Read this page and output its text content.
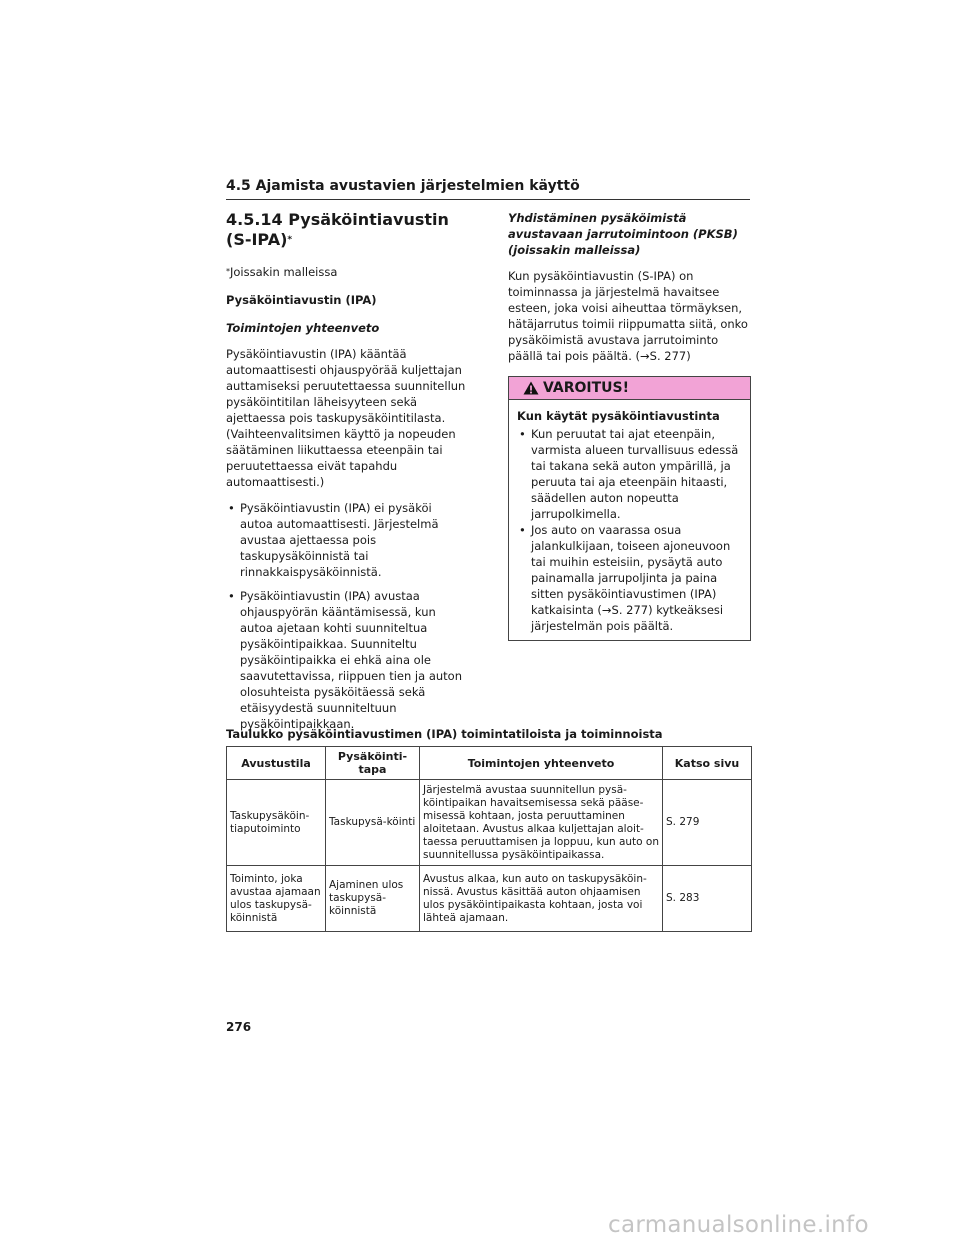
4.5 Ajamista avustavien järjestelmien käyttö
4.5.14 Pysäköintiavustin (S-IPA)*
*Joissakin malleissa
Pysäköintiavustin (IPA)
Toimintojen yhteenveto
Pysäköintiavustin (IPA) kääntää automaattisesti ohjauspyörää kuljettajan auttamiseksi peruutettaessa suunnitellun pysäköintitilan läheisyyteen sekä ajettaessa pois taskupysäköintitilasta. (Vaihteenvalitsimen käyttö ja nopeuden säätäminen liikuttaessa eteenpäin tai peruutettaessa eivät tapahdu automaattisesti.)
• Pysäköintiavustin (IPA) ei pysäköi autoa automaattisesti. Järjestelmä avustaa ajettaessa pois taskupysäköinnistä tai rinnakkaispysäköinnistä.
• Pysäköintiavustin (IPA) avustaa ohjauspyörän kääntämisessä, kun autoa ajetaan kohti suunniteltua pysäköintipaikkaa. Suunniteltu pysäköintipaikka ei ehkä aina ole saavutettavissa, riippuen tien ja auton olosuhteista pysäköitäessä sekä etäisyydestä suunniteltuun pysäköintipaikkaan.
Yhdistäminen pysäköimistä avustavaan jarrutoimintoon (PKSB) (joissakin malleissa)
Kun pysäköintiavustin (S-IPA) on toiminnassa ja järjestelmä havaitsee esteen, joka voisi aiheuttaa törmäyksen, hätäjarrutus toimii riippumatta siitä, onko pysäköimistä avustava jarrutoiminto päällä tai pois päältä. (→S. 277)
VAROITUS!
Kun käytät pysäköintiavustinta
• Kun peruutat tai ajat eteenpäin, varmista alueen turvallisuus edessä tai takana sekä auton ympärillä, ja peruuta tai aja eteenpäin hitaasti, säädellen auton nopeutta jarrupolkimella.
• Jos auto on vaarassa osua jalankulkijaan, toiseen ajoneuvoon tai muihin esteisiin, pysäytä auto painamalla jarrupoljinta ja paina sitten pysäköintiavustimen (IPA) katkaisinta (→S. 277) kytkeäksesi järjestelmän pois päältä.
Taulukko pysäköintiavustimen (IPA) toimintatiloista ja toiminnoista
Avustustila	Pysäköinti-tapa	Toimintojen yhteenveto	Katso sivu
Taskupysäköin-tiaputoiminto	Taskupysä-köinti	Järjestelmä avustaa suunnitellun pysä-köintipaikan havaitsemisessa sekä pääse-misessä kohtaan, josta peruuttaminen aloitetaan. Avustus alkaa kuljettajan aloit-taessa peruuttamisen ja loppuu, kun auto on suunnitellussa pysäköintipaikassa.	S. 279
Toiminto, joka avustaa ajamaan ulos taskupysä-köinnistä	Ajaminen ulos taskupysä-köinnistä	Avustus alkaa, kun auto on taskupysäköin-nissä. Avustus käsittää auton ohjaamisen ulos pysäköintipaikasta kohtaan, josta voi lähteä ajamaan.	S. 283
276
carmanualsonline.info
